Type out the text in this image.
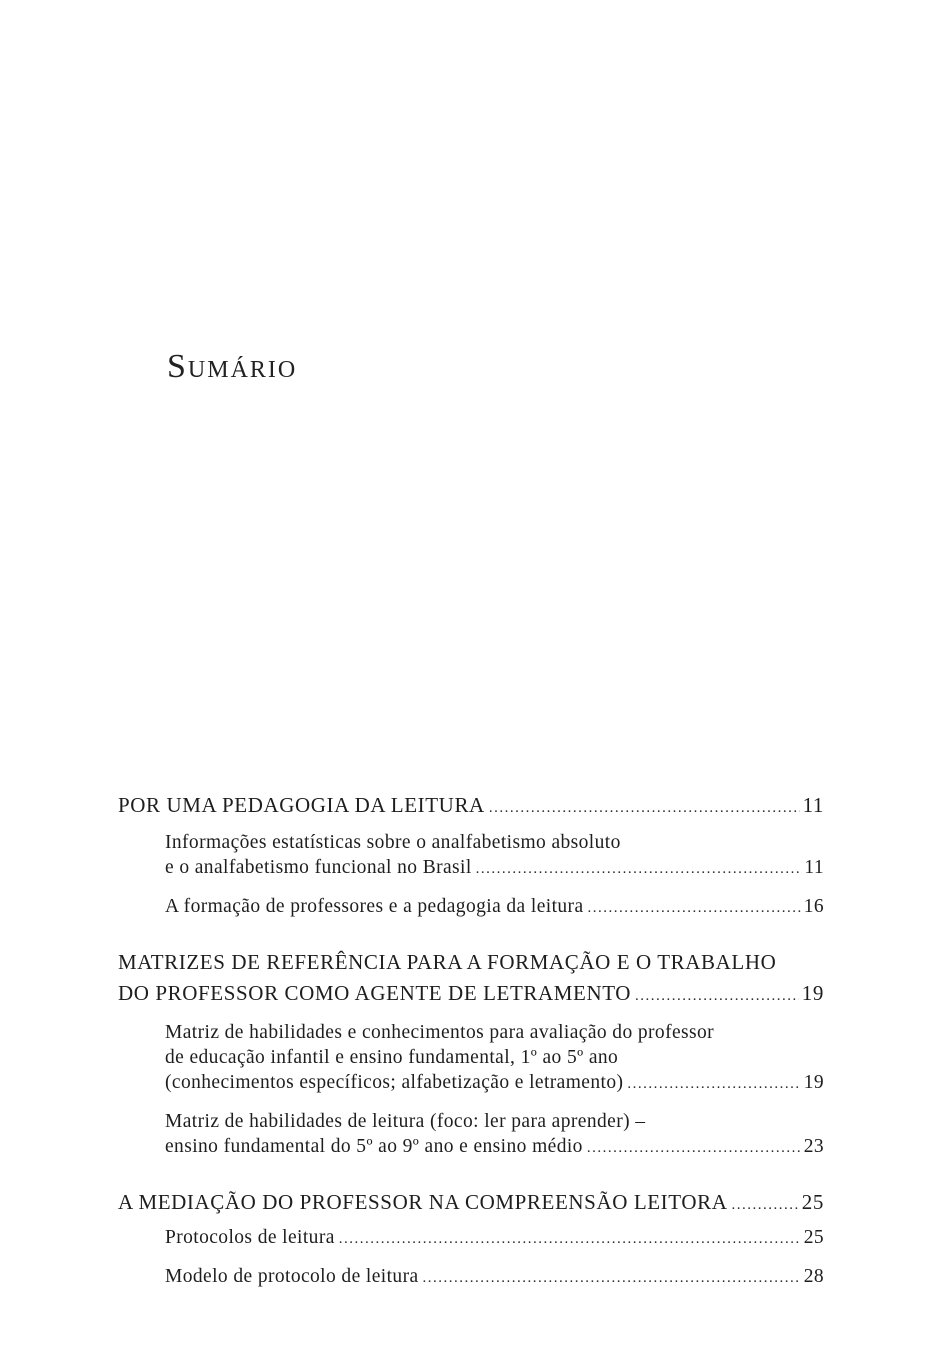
Sumário
POR UMA PEDAGOGIA DA LEITURA .....	11
Informações estatísticas sobre o analfabetismo absoluto
e o analfabetismo funcional no Brasil .....	11
A formação de professores e a pedagogia da leitura .....	16
MATRIZES DE REFERÊNCIA PARA A FORMAÇÃO E O TRABALHO
DO PROFESSOR COMO AGENTE DE LETRAMENTO .....	19
Matriz de habilidades e conhecimentos para avaliação do professor
de educação infantil e ensino fundamental, 1º ao 5º ano
(conhecimentos específicos; alfabetização e letramento) .....	19
Matriz de habilidades de leitura (foco: ler para aprender) –
ensino fundamental do 5º ao 9º ano e ensino médio .....	23
A MEDIAÇÃO DO PROFESSOR NA COMPREENSÃO LEITORA .....	25
Protocolos de leitura .....	25
Modelo de protocolo de leitura .....	28
